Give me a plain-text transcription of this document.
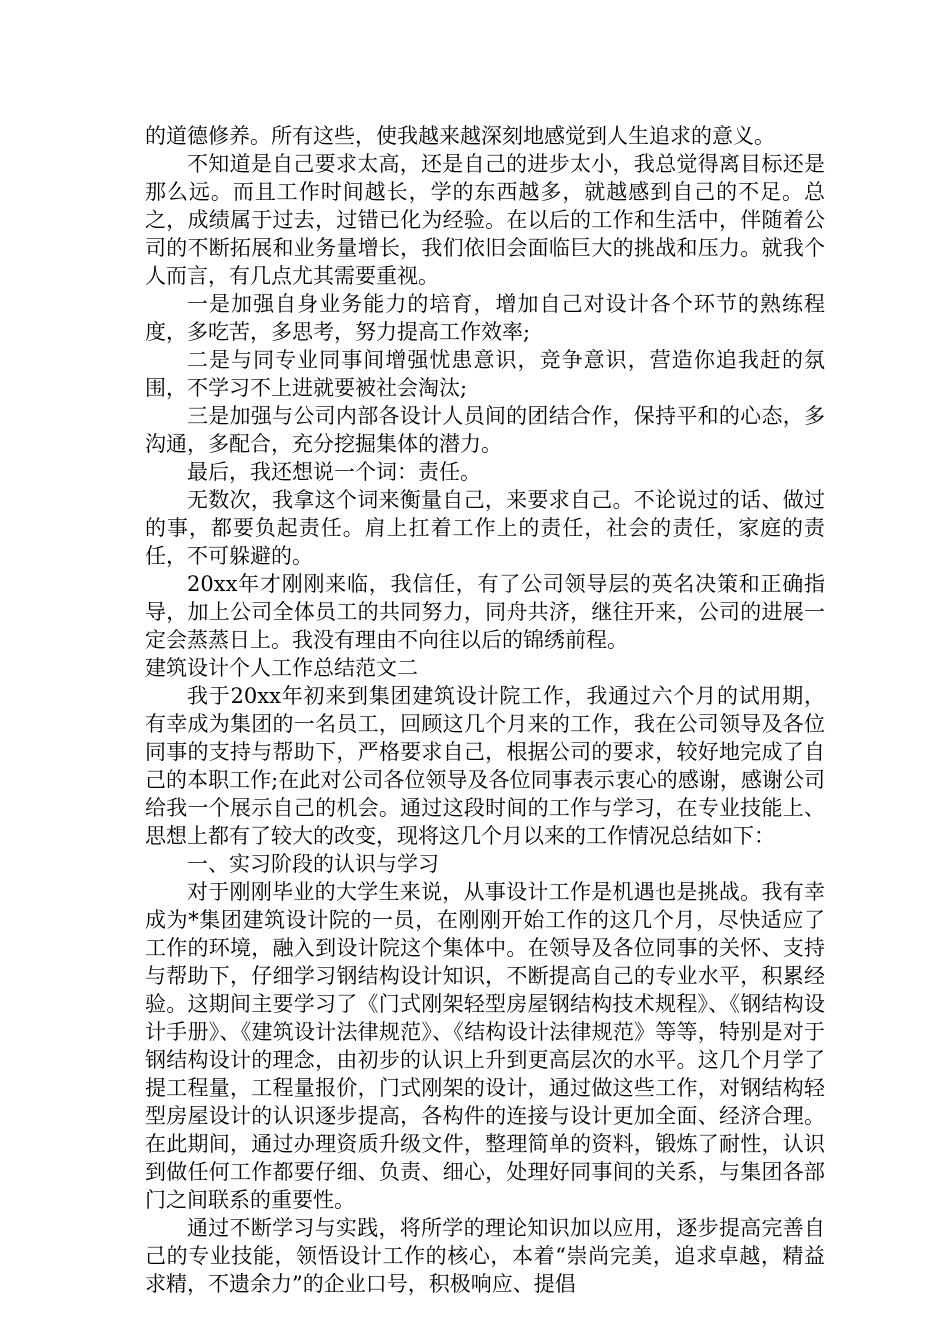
的道德修养。所有这些，使我越来越深刻地感觉到人生追求的意义。

不知道是自己要求太高，还是自己的进步太小，我总觉得离目标还是那么远。而且工作时间越长，学的东西越多，就越感到自己的不足。总之，成绩属于过去，过错已化为经验。在以后的工作和生活中，伴随着公司的不断拓展和业务量增长，我们依旧会面临巨大的挑战和压力。就我个人而言，有几点尤其需要重视。

一是加强自身业务能力的培育，增加自己对设计各个环节的熟练程度，多吃苦，多思考，努力提高工作效率;

二是与同专业同事间增强忧患意识，竞争意识，营造你追我赶的氛围，不学习不上进就要被社会淘汰;

三是加强与公司内部各设计人员间的团结合作，保持平和的心态，多沟通，多配合，充分挖掘集体的潜力。

最后，我还想说一个词：责任。

无数次，我拿这个词来衡量自己，来要求自己。不论说过的话、做过的事，都要负起责任。肩上扛着工作上的责任，社会的责任，家庭的责任，不可躲避的。

20xx年才刚刚来临，我信任，有了公司领导层的英名决策和正确指导，加上公司全体员工的共同努力，同舟共济，继往开来，公司的进展一定会蒸蒸日上。我没有理由不向往以后的锦绣前程。

建筑设计个人工作总结范文二

我于20xx年初来到集团建筑设计院工作，我通过六个月的试用期，有幸成为集团的一名员工，回顾这几个月来的工作，我在公司领导及各位同事的支持与帮助下，严格要求自己，根据公司的要求，较好地完成了自己的本职工作;在此对公司各位领导及各位同事表示衷心的感谢，感谢公司给我一个展示自己的机会。通过这段时间的工作与学习，在专业技能上、思想上都有了较大的改变，现将这几个月以来的工作情况总结如下：

一、实习阶段的认识与学习

对于刚刚毕业的大学生来说，从事设计工作是机遇也是挑战。我有幸成为*集团建筑设计院的一员，在刚刚开始工作的这几个月，尽快适应了工作的环境，融入到设计院这个集体中。在领导及各位同事的关怀、支持与帮助下，仔细学习钢结构设计知识，不断提高自己的专业水平，积累经验。这期间主要学习了《门式刚架轻型房屋钢结构技术规程》、《钢结构设计手册》、《建筑设计法律规范》、《结构设计法律规范》等等，特别是对于钢结构设计的理念，由初步的认识上升到更高层次的水平。这几个月学了提工程量，工程量报价，门式刚架的设计，通过做这些工作，对钢结构轻型房屋设计的认识逐步提高，各构件的连接与设计更加全面、经济合理。在此期间，通过办理资质升级文件，整理简单的资料，锻炼了耐性，认识到做任何工作都要仔细、负责、细心，处理好同事间的关系，与集团各部门之间联系的重要性。

通过不断学习与实践，将所学的理论知识加以应用，逐步提高完善自己的专业技能，领悟设计工作的核心，本着“崇尚完美，追求卓越，精益求精，不遗余力”的企业口号，积极响应、提倡
